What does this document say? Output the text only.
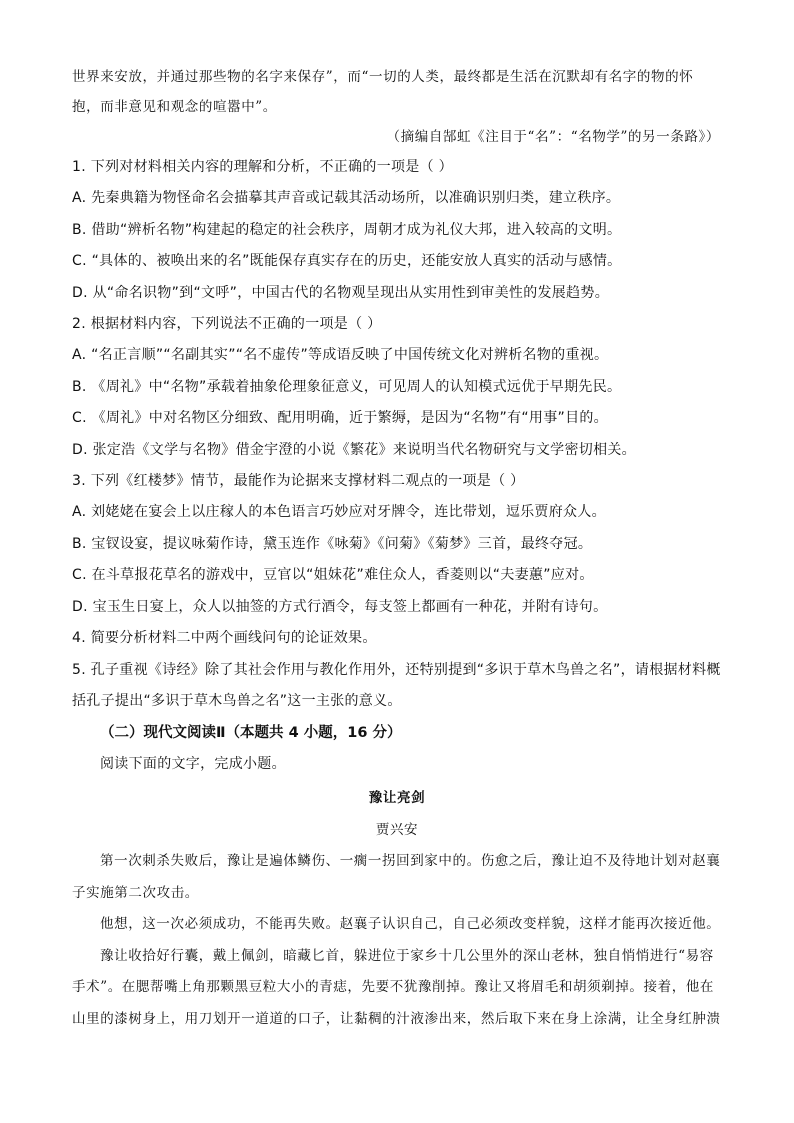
世界来安放，并通过那些物的名字来保存”，而“一切的人类，最终都是生活在沉默却有名字的物的怀

抱，而非意见和观念的喧嚣中”。

（摘编自郜虹《注目于“名”：“名物学”的另一条路》）

1. 下列对材料相关内容的理解和分析，不正确的一项是（ ）

A. 先秦典籍为物怪命名会描摹其声音或记载其活动场所，以准确识别归类，建立秩序。

B. 借助“辨析名物”构建起的稳定的社会秩序，周朝才成为礼仪大邦，进入较高的文明。

C. “具体的、被唤出来的名”既能保存真实存在的历史，还能安放人真实的活动与感情。

D. 从“命名识物”到“文呼”，中国古代的名物观呈现出从实用性到审美性的发展趋势。

2. 根据材料内容，下列说法不正确的一项是（ ）

A. “名正言顺”“名副其实”“名不虚传”等成语反映了中国传统文化对辨析名物的重视。

B. 《周礼》中“名物”承载着抽象伦理象征意义，可见周人的认知模式远优于早期先民。

C. 《周礼》中对名物区分细致、配用明确，近于繁缛，是因为“名物”有“用事”目的。

D. 张定浩《文学与名物》借金宇澄的小说《繁花》来说明当代名物研究与文学密切相关。

3. 下列《红楼梦》情节，最能作为论据来支撑材料二观点的一项是（ ）

A. 刘姥姥在宴会上以庄稼人的本色语言巧妙应对牙牌令，连比带划，逗乐贾府众人。

B. 宝钗设宴，提议咏菊作诗，黛玉连作《咏菊》《问菊》《菊梦》三首，最终夺冠。

C. 在斗草报花草名的游戏中，豆官以“姐妹花”难住众人，香菱则以“夫妻蕙”应对。

D. 宝玉生日宴上，众人以抽签的方式行酒令，每支签上都画有一种花，并附有诗句。

4. 简要分析材料二中两个画线问句的论证效果。

5. 孔子重视《诗经》除了其社会作用与教化作用外，还特别提到“多识于草木鸟兽之名”，请根据材料概

括孔子提出“多识于草木鸟兽之名”这一主张的意义。

（二）现代文阅读Ⅱ（本题共 4 小题，16 分）

阅读下面的文字，完成小题。

豫让亮剑
贾兴安

第一次刺杀失败后，豫让是遍体鳞伤、一瘸一拐回到家中的。伤愈之后，豫让迫不及待地计划对赵襄

子实施第二次攻击。

他想，这一次必须成功，不能再失败。赵襄子认识自己，自己必须改变样貌，这样才能再次接近他。

豫让收拾好行囊，戴上佩剑，暗藏匕首，躲进位于家乡十几公里外的深山老林，独自悄悄进行“易容

手术”。在腮帮嘴上角那颗黑豆粒大小的青痣，先要不犹豫削掉。豫让又将眉毛和胡须剃掉。接着，他在

山里的漆树身上，用刀划开一道道的口子，让黏稠的汁液渗出来，然后取下来在身上涂满，让全身红肿溃
